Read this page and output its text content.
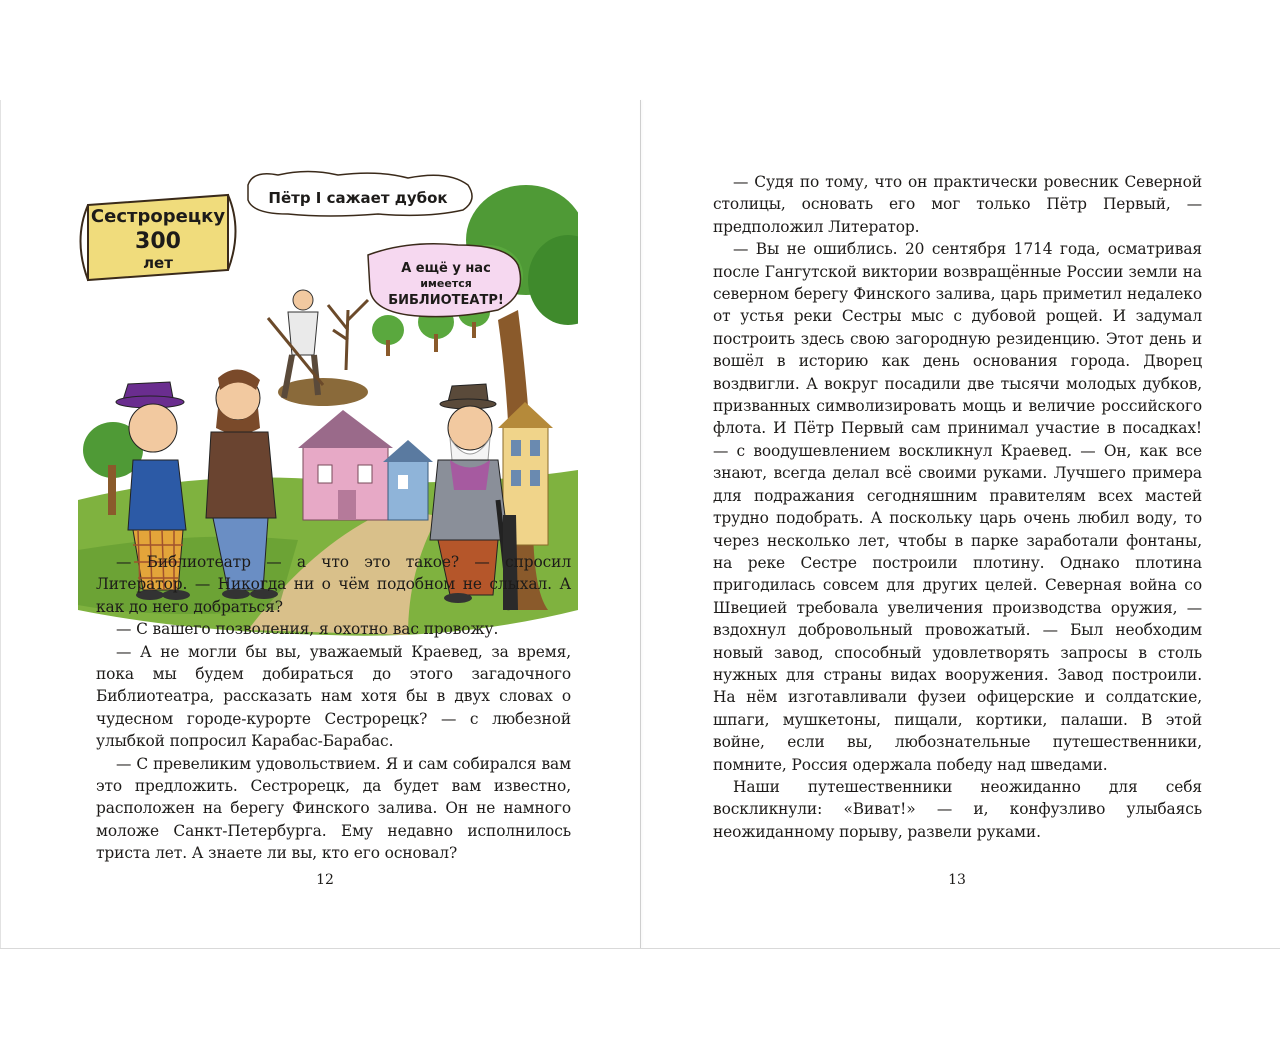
Сестрорецку
300
лет
Пётр I сажает дубок
А ещё у нас
имеется
БИБЛИОТЕАТР!

— Библиотеатр — а что это такое? — спросил Литератор. — Никогда ни о чём подобном не слыхал. А как до него добраться?

— С вашего позволения, я охотно вас провожу.

— А не могли бы вы, уважаемый Краевед, за время, пока мы будем добираться до этого загадочного Библиотеатра, рассказать нам хотя бы в двух словах о чудесном городе-курорте Сестрорецк? — с любезной улыбкой попросил Карабас-Барабас.

— С превеликим удовольствием. Я и сам собирался вам это предложить. Сестрорецк, да будет вам известно, расположен на берегу Финского залива. Он не намного моложе Санкт-Петербурга. Ему недавно исполнилось триста лет. А знаете ли вы, кто его основал?

12

— Судя по тому, что он практически ровесник Северной столицы, основать его мог только Пётр Первый, — предположил Литератор.

— Вы не ошиблись. 20 сентября 1714 года, осматривая после Гангутской виктории возвращённые России земли на северном берегу Финского залива, царь приметил недалеко от устья реки Сестры мыс с дубовой рощей. И задумал построить здесь свою загородную резиденцию. Этот день и вошёл в историю как день основания города. Дворец воздвигли. А вокруг посадили две тысячи молодых дубков, призванных символизировать мощь и величие российского флота. И Пётр Первый сам принимал участие в посадках! — с воодушевлением воскликнул Краевед. — Он, как все знают, всегда делал всё своими руками. Лучшего примера для подражания сегодняшним правителям всех мастей трудно подобрать. А поскольку царь очень любил воду, то через несколько лет, чтобы в парке заработали фонтаны, на реке Сестре построили плотину. Однако плотина пригодилась совсем для других целей. Северная война со Швецией требовала увеличения производства оружия, — вздохнул добровольный провожатый. — Был необходим новый завод, способный удовлетворять запросы в столь нужных для страны видах вооружения. Завод построили. На нём изготавливали фузеи офицерские и солдатские, шпаги, мушкетоны, пищали, кортики, палаши. В этой войне, если вы, любознательные путешественники, помните, Россия одержала победу над шведами.

Наши путешественники неожиданно для себя воскликнули: «Виват!» — и, конфузливо улыбаясь неожиданному порыву, развели руками.

13
